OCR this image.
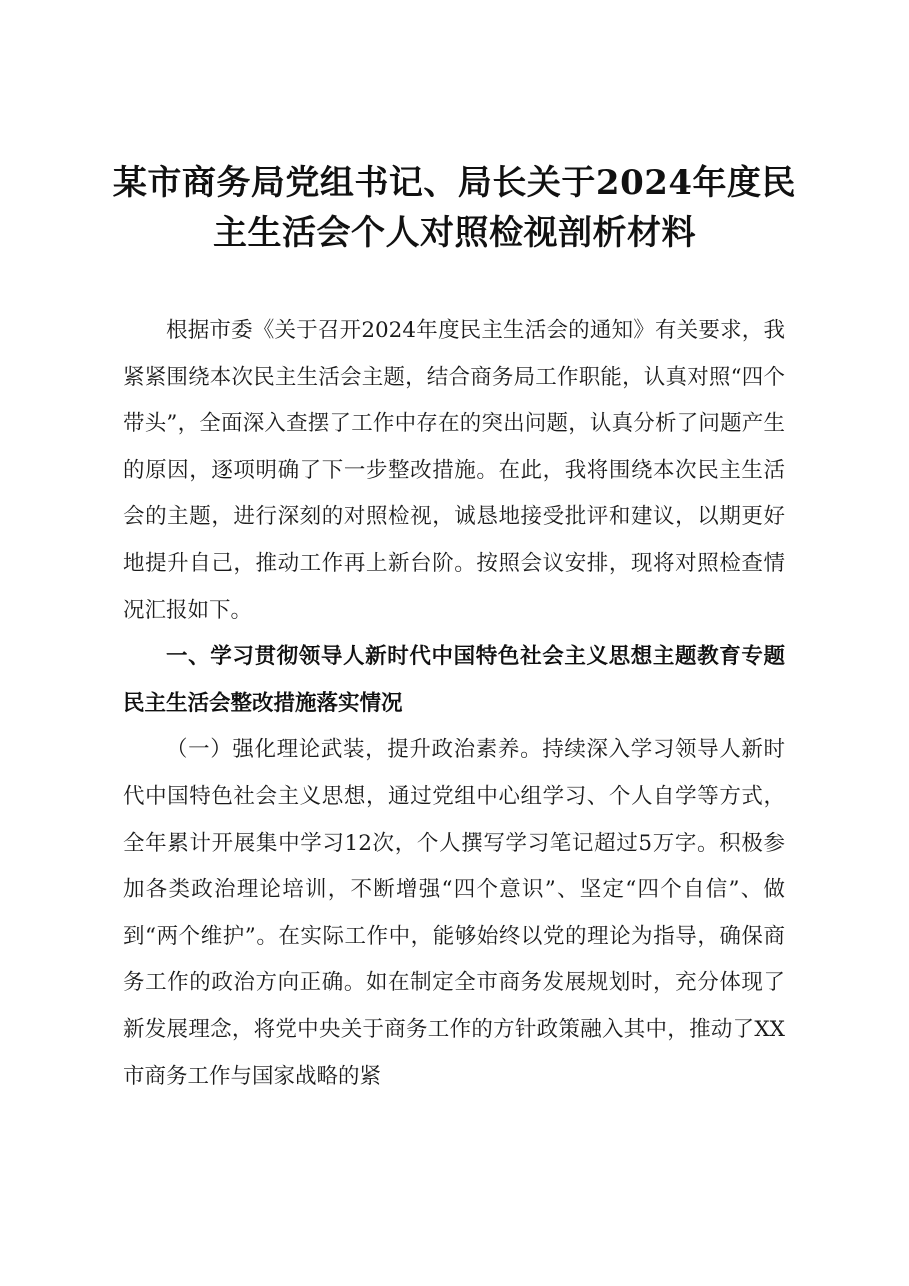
某市商务局党组书记、局长关于2024年度民主生活会个人对照检视剖析材料

根据市委《关于召开2024年度民主生活会的通知》有关要求，我紧紧围绕本次民主生活会主题，结合商务局工作职能，认真对照“四个带头”，全面深入查摆了工作中存在的突出问题，认真分析了问题产生的原因，逐项明确了下一步整改措施。在此，我将围绕本次民主生活会的主题，进行深刻的对照检视，诚恳地接受批评和建议，以期更好地提升自己，推动工作再上新台阶。按照会议安排，现将对照检查情况汇报如下。

一、学习贯彻领导人新时代中国特色社会主义思想主题教育专题民主生活会整改措施落实情况

（一）强化理论武装，提升政治素养。持续深入学习领导人新时代中国特色社会主义思想，通过党组中心组学习、个人自学等方式，全年累计开展集中学习12次，个人撰写学习笔记超过5万字。积极参加各类政治理论培训，不断增强“四个意识”、坚定“四个自信”、做到“两个维护”。在实际工作中，能够始终以党的理论为指导，确保商务工作的政治方向正确。如在制定全市商务发展规划时，充分体现了新发展理念，将党中央关于商务工作的方针政策融入其中，推动了XX市商务工作与国家战略的紧
